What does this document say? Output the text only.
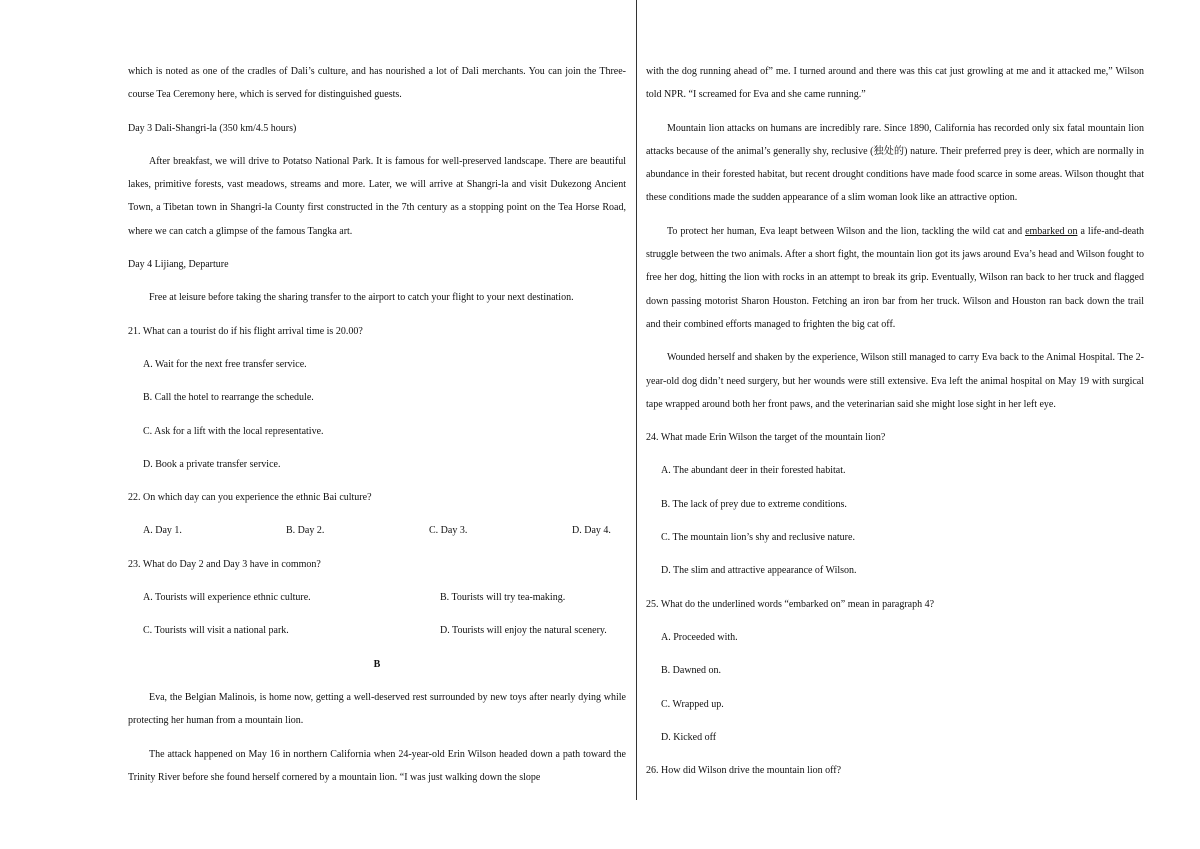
which is noted as one of the cradles of Dali’s culture, and has nourished a lot of Dali merchants. You can join the Three-course Tea Ceremony here, which is served for distinguished guests.

Day 3 Dali-Shangri-la (350 km/4.5 hours)

After breakfast, we will drive to Potatso National Park. It is famous for well-preserved landscape. There are beautiful lakes, primitive forests, vast meadows, streams and more. Later, we will arrive at Shangri-la and visit Dukezong Ancient Town, a Tibetan town in Shangri-la County first constructed in the 7th century as a stopping point on the Tea Horse Road, where we can catch a glimpse of the famous Tangka art.

Day 4 Lijiang, Departure

Free at leisure before taking the sharing transfer to the airport to catch your flight to your next destination.

21. What can a tourist do if his flight arrival time is 20.00?

A. Wait for the next free transfer service.

B. Call the hotel to rearrange the schedule.

C. Ask for a lift with the local representative.

D. Book a private transfer service.

22. On which day can you experience the ethnic Bai culture?

A. Day 1.	B. Day 2.	C. Day 3.	D. Day 4.

23. What do Day 2 and Day 3 have in common?

A. Tourists will experience ethnic culture.	B. Tourists will try tea-making.
C. Tourists will visit a national park.	D. Tourists will enjoy the natural scenery.

B

Eva, the Belgian Malinois, is home now, getting a well-deserved rest surrounded by new toys after nearly dying while protecting her human from a mountain lion.

The attack happened on May 16 in northern California when 24-year-old Erin Wilson headed down a path toward the Trinity River before she found herself cornered by a mountain lion. “I was just walking down the slope

with the dog running ahead of” me. I turned around and there was this cat just growling at me and it attacked me,” Wilson told NPR. “I screamed for Eva and she came running.”

Mountain lion attacks on humans are incredibly rare. Since 1890, California has recorded only six fatal mountain lion attacks because of the animal’s generally shy, reclusive (独处的) nature. Their preferred prey is deer, which are normally in abundance in their forested habitat, but recent drought conditions have made food scarce in some areas. Wilson thought that these conditions made the sudden appearance of a slim woman look like an attractive option.

To protect her human, Eva leapt between Wilson and the lion, tackling the wild cat and embarked on a life-and-death struggle between the two animals. After a short fight, the mountain lion got its jaws around Eva’s head and Wilson fought to free her dog, hitting the lion with rocks in an attempt to break its grip. Eventually, Wilson ran back to her truck and flagged down passing motorist Sharon Houston. Fetching an iron bar from her truck. Wilson and Houston ran back down the trail and their combined efforts managed to frighten the big cat off.

Wounded herself and shaken by the experience, Wilson still managed to carry Eva back to the Animal Hospital. The 2-year-old dog didn’t need surgery, but her wounds were still extensive. Eva left the animal hospital on May 19 with surgical tape wrapped around both her front paws, and the veterinarian said she might lose sight in her left eye.

24. What made Erin Wilson the target of the mountain lion?

A. The abundant deer in their forested habitat.

B. The lack of prey due to extreme conditions.

C. The mountain lion’s shy and reclusive nature.

D. The slim and attractive appearance of Wilson.

25. What do the underlined words “embarked on” mean in paragraph 4?

A. Proceeded with.

B. Dawned on.

C. Wrapped up.

D. Kicked off

26. How did Wilson drive the mountain lion off?
